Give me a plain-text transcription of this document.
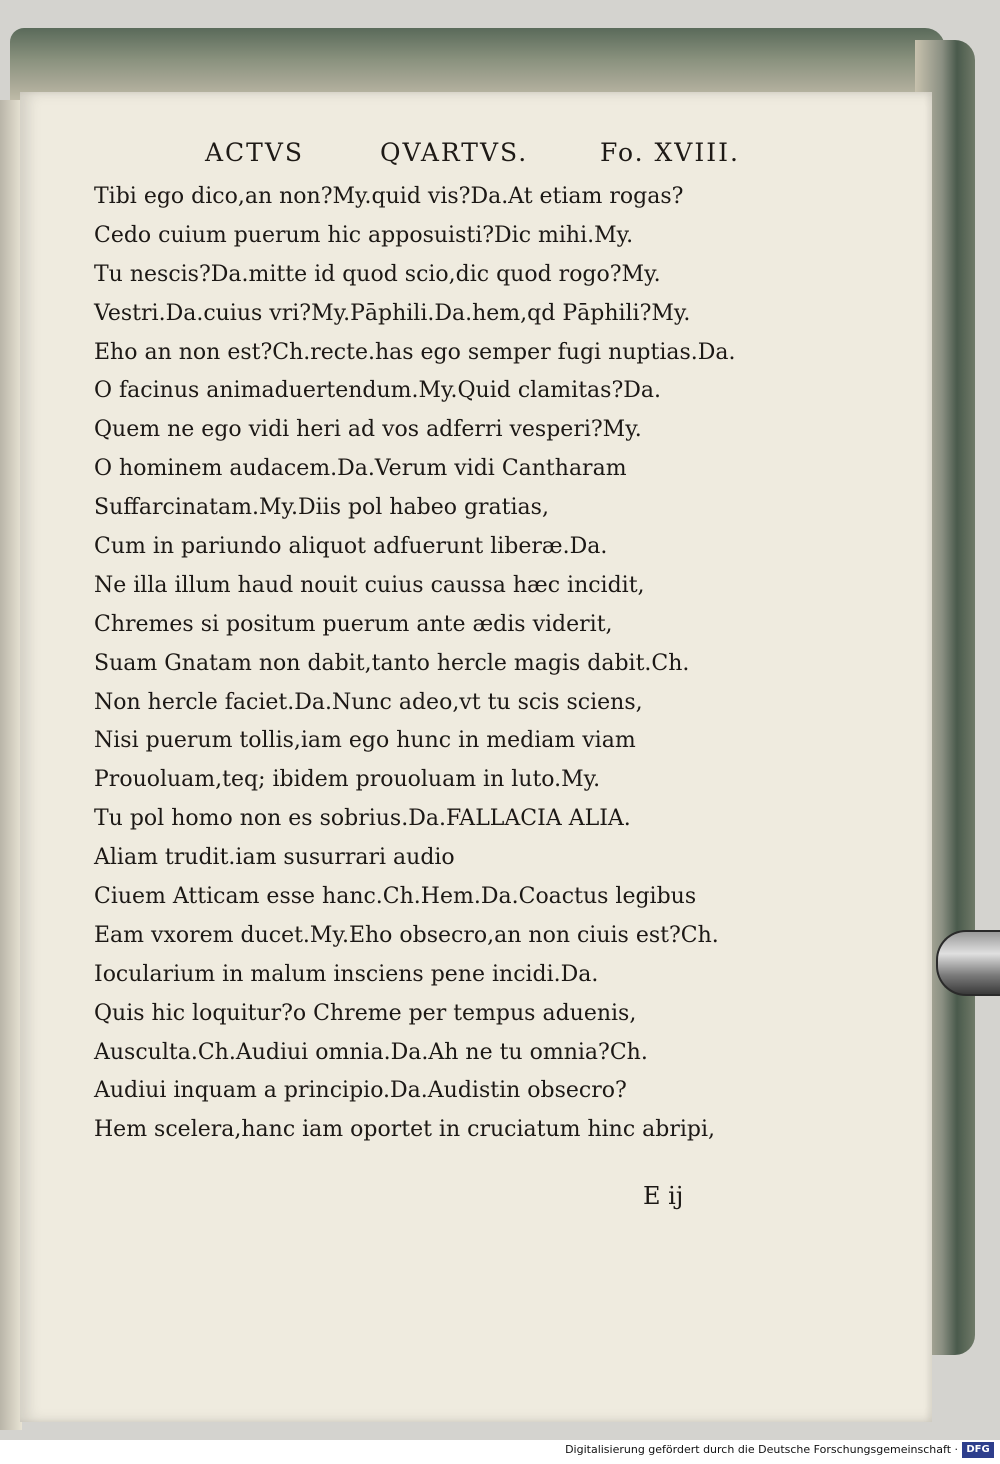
ACTVS	QVARTVS.	Fo. XVIII.
Tibi ego dico,an non?My.quid vis?Da.At etiam rogas?
Cedo cuium puerum hic apposuisti?Dic mihi.My.
Tu nescis?Da.mitte id quod scio,dic quod rogo?My.
Vestri.Da.cuius vri?My.Pāphili.Da.hem,qd Pāphili?My.
Eho an non est?Ch.recte.has ego semper fugi nuptias.Da.
O facinus animaduertendum.My.Quid clamitas?Da.
Quem ne ego vidi heri ad vos adferri vesperi?My.
O hominem audacem.Da.Verum vidi Cantharam
Suffarcinatam.My.Diis pol habeo gratias,
Cum in pariundo aliquot adfuerunt liberæ.Da.
Ne illa illum haud nouit cuius caussa hæc incidit,
Chremes si positum puerum ante ædis viderit,
Suam Gnatam non dabit,tanto hercle magis dabit.Ch.
Non hercle faciet.Da.Nunc adeo,vt tu scis sciens,
Nisi puerum tollis,iam ego hunc in mediam viam
Prouoluam,teq; ibidem prouoluam in luto.My.
Tu pol homo non es sobrius.Da.FALLACIA ALIA.
Aliam trudit.iam susurrari audio
Ciuem Atticam esse hanc.Ch.Hem.Da.Coactus legibus
Eam vxorem ducet.My.Eho obsecro,an non ciuis est?Ch.
Iocularium in malum insciens pene incidi.Da.
Quis hic loquitur?o Chreme per tempus aduenis,
Ausculta.Ch.Audiui omnia.Da.Ah ne tu omnia?Ch.
Audiui inquam a principio.Da.Audistin obsecro?
Hem scelera,hanc iam oportet in cruciatum hinc abripi,
E ij
Digitalisierung gefördert durch die Deutsche Forschungsgemeinschaft · DFG
